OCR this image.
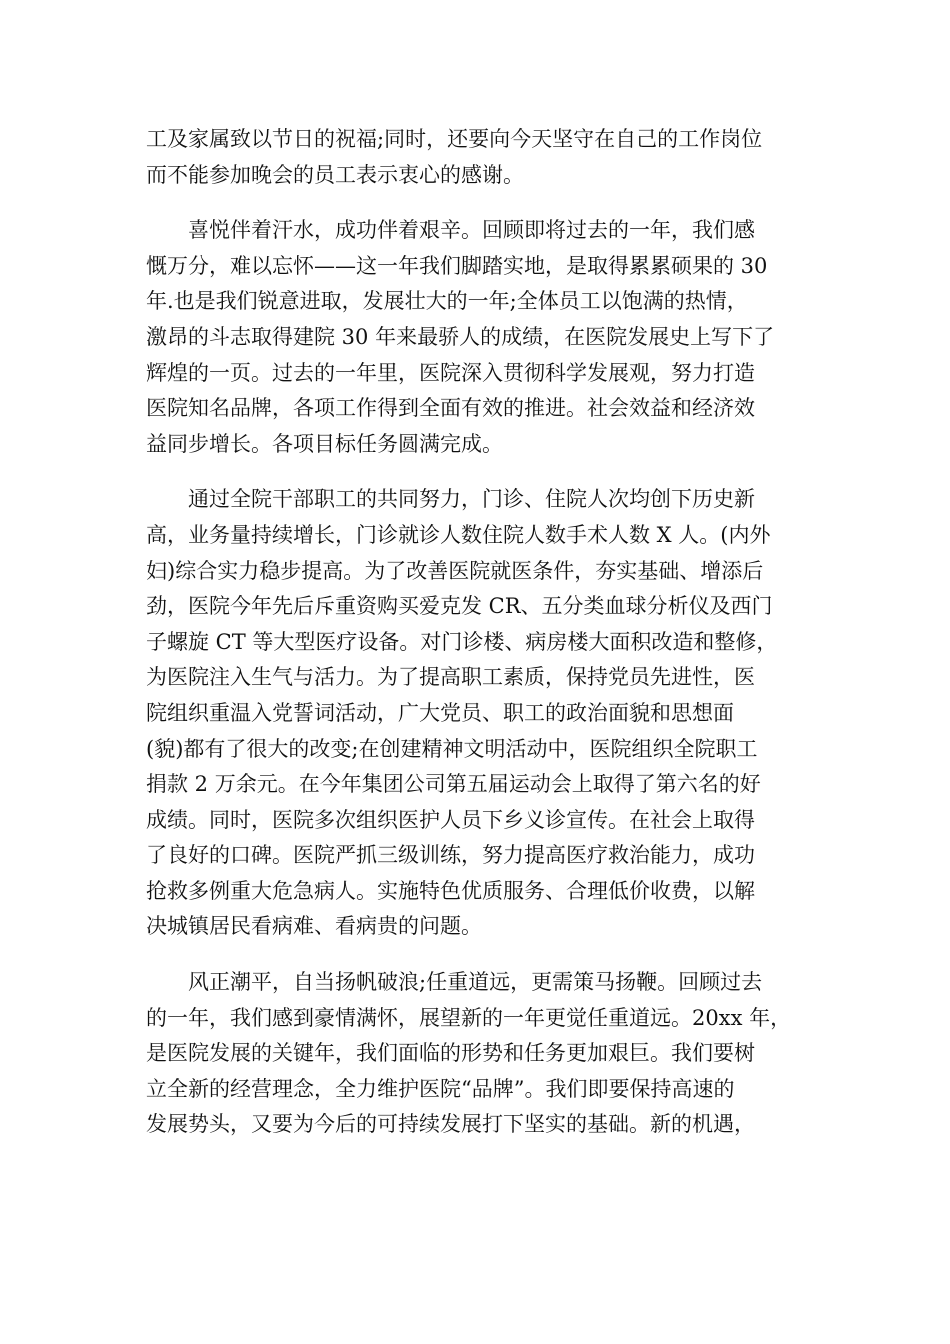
工及家属致以节日的祝福;同时，还要向今天坚守在自己的工作岗位
而不能参加晚会的员工表示衷心的感谢。

喜悦伴着汗水，成功伴着艰辛。回顾即将过去的一年，我们感
慨万分，难以忘怀——这一年我们脚踏实地，是取得累累硕果的 30
年.也是我们锐意进取，发展壮大的一年;全体员工以饱满的热情，
激昂的斗志取得建院 30 年来最骄人的成绩，在医院发展史上写下了
辉煌的一页。过去的一年里，医院深入贯彻科学发展观，努力打造
医院知名品牌，各项工作得到全面有效的推进。社会效益和经济效
益同步增长。各项目标任务圆满完成。

通过全院干部职工的共同努力，门诊、住院人次均创下历史新
高，业务量持续增长，门诊就诊人数住院人数手术人数 X 人。(内外
妇)综合实力稳步提高。为了改善医院就医条件，夯实基础、增添后
劲，医院今年先后斥重资购买爱克发 CR、五分类血球分析仪及西门
子螺旋 CT 等大型医疗设备。对门诊楼、病房楼大面积改造和整修，
为医院注入生气与活力。为了提高职工素质，保持党员先进性，医
院组织重温入党誓词活动，广大党员、职工的政治面貌和思想面
(貌)都有了很大的改变;在创建精神文明活动中，医院组织全院职工
捐款 2 万余元。在今年集团公司第五届运动会上取得了第六名的好
成绩。同时，医院多次组织医护人员下乡义诊宣传。在社会上取得
了良好的口碑。医院严抓三级训练，努力提高医疗救治能力，成功
抢救多例重大危急病人。实施特色优质服务、合理低价收费，以解
决城镇居民看病难、看病贵的问题。

风正潮平，自当扬帆破浪;任重道远，更需策马扬鞭。回顾过去
的一年，我们感到豪情满怀，展望新的一年更觉任重道远。20xx 年，
是医院发展的关键年，我们面临的形势和任务更加艰巨。我们要树
立全新的经营理念，全力维护医院“品牌”。我们即要保持高速的
发展势头，又要为今后的可持续发展打下坚实的基础。新的机遇，
